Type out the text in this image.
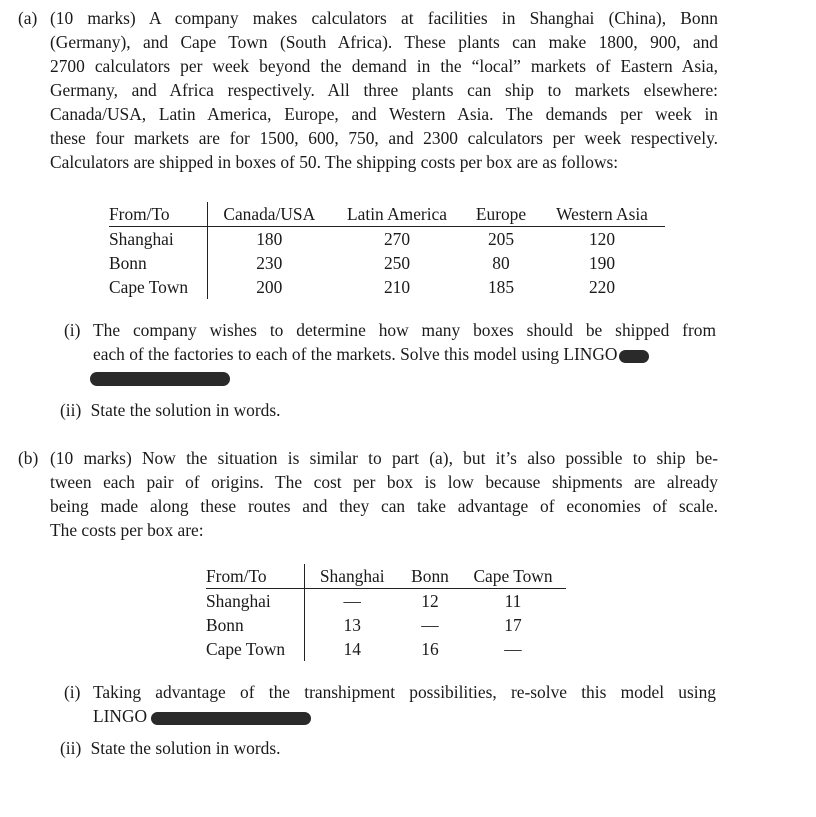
(a) (10 marks) A company makes calculators at facilities in Shanghai (China), Bonn
(Germany), and Cape Town (South Africa). These plants can make 1800, 900, and
2700 calculators per week beyond the demand in the “local” markets of Eastern Asia,
Germany, and Africa respectively. All three plants can ship to markets elsewhere:
Canada/USA, Latin America, Europe, and Western Asia. The demands per week in
these four markets are for 1500, 600, 750, and 2300 calculators per week respectively.
Calculators are shipped in boxes of 50. The shipping costs per box are as follows:
From/To	Canada/USA	Latin America	Europe	Western Asia
Shanghai	180	270	205	120
Bonn	230	250	80	190
Cape Town	200	210	185	220
(i) The company wishes to determine how many boxes should be shipped from
each of the factories to each of the markets. Solve this model using LINGO
(ii) State the solution in words.
(b) (10 marks) Now the situation is similar to part (a), but it’s also possible to ship be-
tween each pair of origins. The cost per box is low because shipments are already
being made along these routes and they can take advantage of economies of scale.
The costs per box are:
From/To	Shanghai	Bonn	Cape Town
Shanghai	—	12	11
Bonn	13	—	17
Cape Town	14	16	—
(i) Taking advantage of the transhipment possibilities, re-solve this model using
LINGO
(ii) State the solution in words.
